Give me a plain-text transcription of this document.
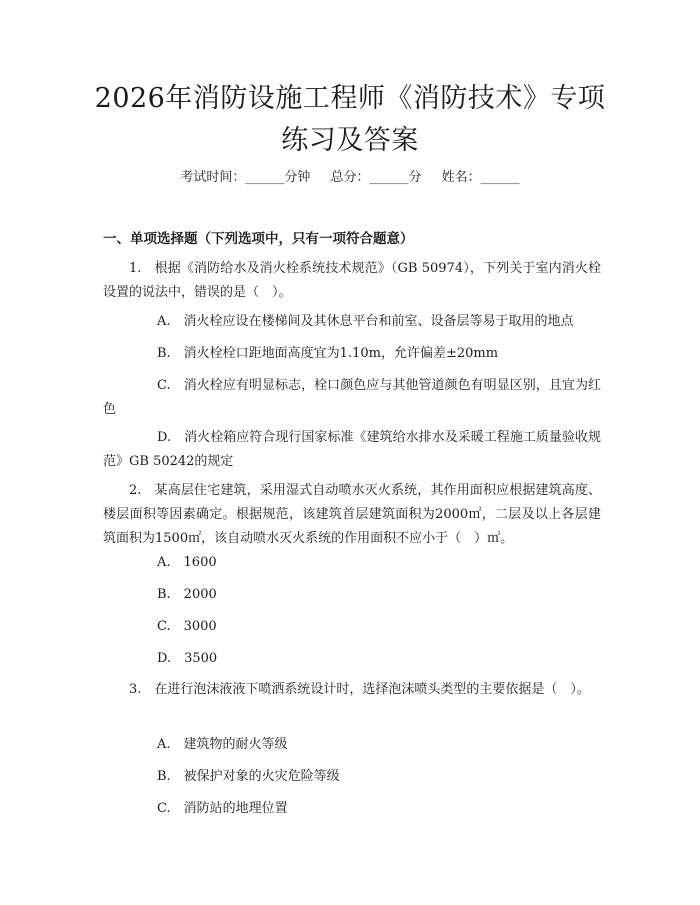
2026年消防设施工程师《消防技术》专项练习及答案
考试时间：______分钟 总分：______分 姓名：______
一、单项选择题（下列选项中，只有一项符合题意）
1.　根据《消防给水及消火栓系统技术规范》（GB 50974），下列关于室内消火栓设置的说法中，错误的是（　）。
A.　消火栓应设在楼梯间及其休息平台和前室、设备层等易于取用的地点
B.　消火栓栓口距地面高度宜为1.10m，允许偏差±20mm
C.　消火栓应有明显标志，栓口颜色应与其他管道颜色有明显区别，且宜为红色
D.　消火栓箱应符合现行国家标准《建筑给水排水及采暖工程施工质量验收规范》GB 50242的规定
2.　某高层住宅建筑，采用湿式自动喷水灭火系统，其作用面积应根据建筑高度、楼层面积等因素确定。根据规范，该建筑首层建筑面积为2000㎡，二层及以上各层建筑面积为1500㎡，该自动喷水灭火系统的作用面积不应小于（　）㎡。
A.　1600
B.　2000
C.　3000
D.　3500
3.　在进行泡沫液液下喷洒系统设计时，选择泡沫喷头类型的主要依据是（　）。
A.　建筑物的耐火等级
B.　被保护对象的火灾危险等级
C.　消防站的地理位置
